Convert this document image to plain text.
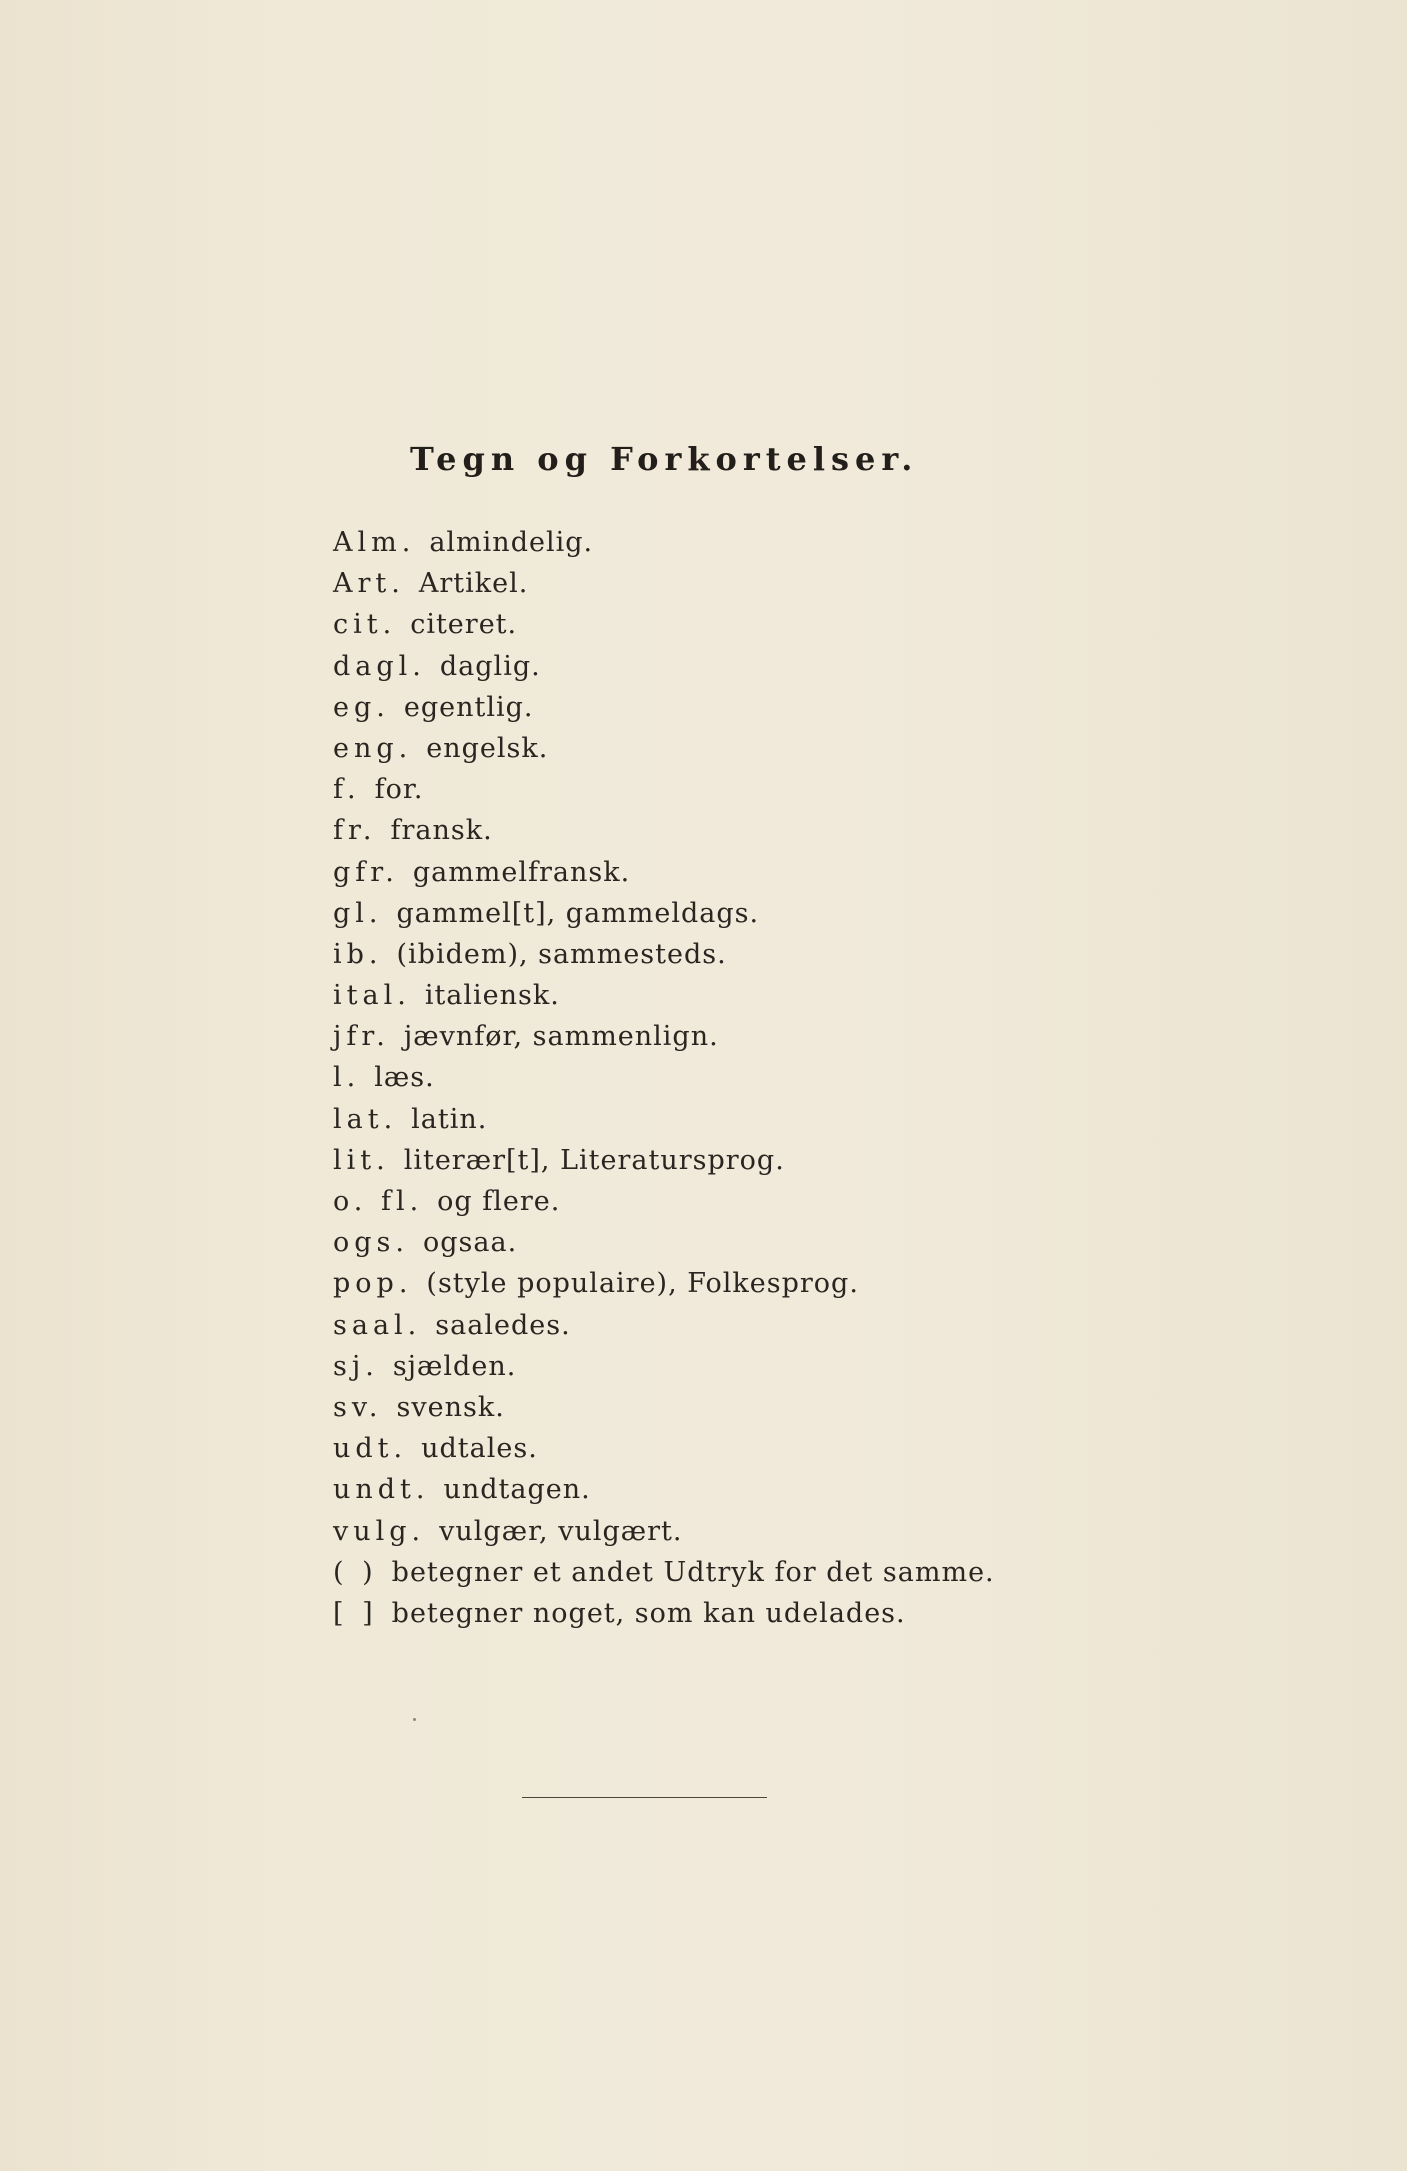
Tegn og Forkortelser.
Alm. almindelig.
Art. Artikel.
cit. citeret.
dagl. daglig.
eg. egentlig.
eng. engelsk.
f. for.
fr. fransk.
gfr. gammelfransk.
gl. gammel[t], gammeldags.
ib. (ibidem), sammesteds.
ital. italiensk.
jfr. jævnfør, sammenlign.
l. læs.
lat. latin.
lit. literær[t], Literatursprog.
o. fl. og flere.
ogs. ogsaa.
pop. (style populaire), Folkesprog.
saal. saaledes.
sj. sjælden.
sv. svensk.
udt. udtales.
undt. undtagen.
vulg. vulgær, vulgært.
( ) betegner et andet Udtryk for det samme.
[ ] betegner noget, som kan udelades.
